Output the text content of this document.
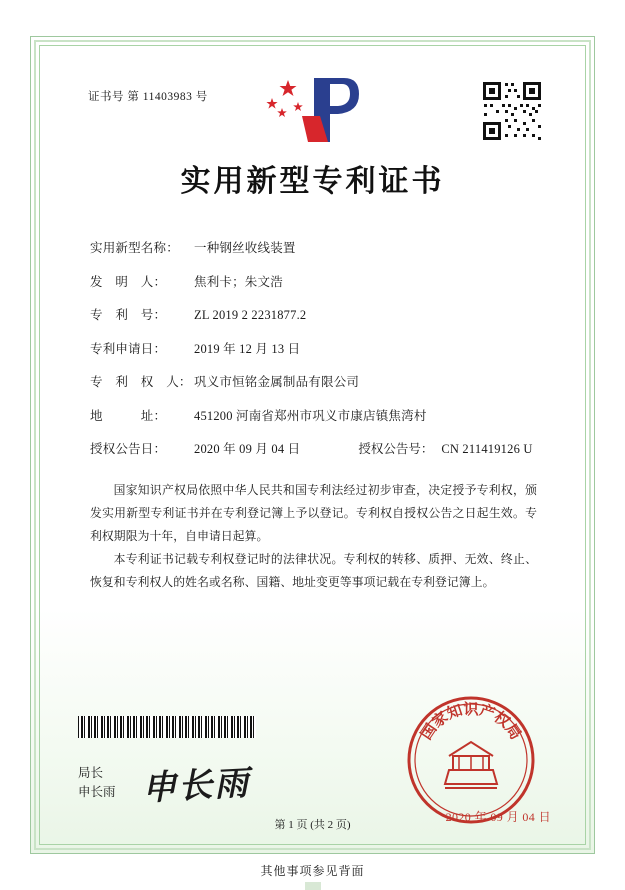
证书号 第 11403983 号
实用新型专利证书
实用新型名称：	一种钢丝收线装置
发　明　人：	焦利卡；朱文浩
专　利　号：	ZL 2019 2 2231877.2
专利申请日：	2019 年 12 月 13 日
专　利　权　人： 巩义市恒铭金属制品有限公司
地　　　址：	451200 河南省郑州市巩义市康店镇焦湾村
授权公告日：	2020 年 09 月 04 日	授权公告号： CN 211419126 U

国家知识产权局依照中华人民共和国专利法经过初步审查，决定授予专利权，颁发实用新型专利证书并在专利登记簿上予以登记。专利权自授权公告之日起生效。专利权期限为十年，自申请日起算。

本专利证书记载专利权登记时的法律状况。专利权的转移、质押、无效、终止、恢复和专利权人的姓名或名称、国籍、地址变更等事项记载在专利登记簿上。

局长
申长雨 申长雨
国家知识产权局
2020 年 09 月 04 日
第 1 页 (共 2 页)
其他事项参见背面
